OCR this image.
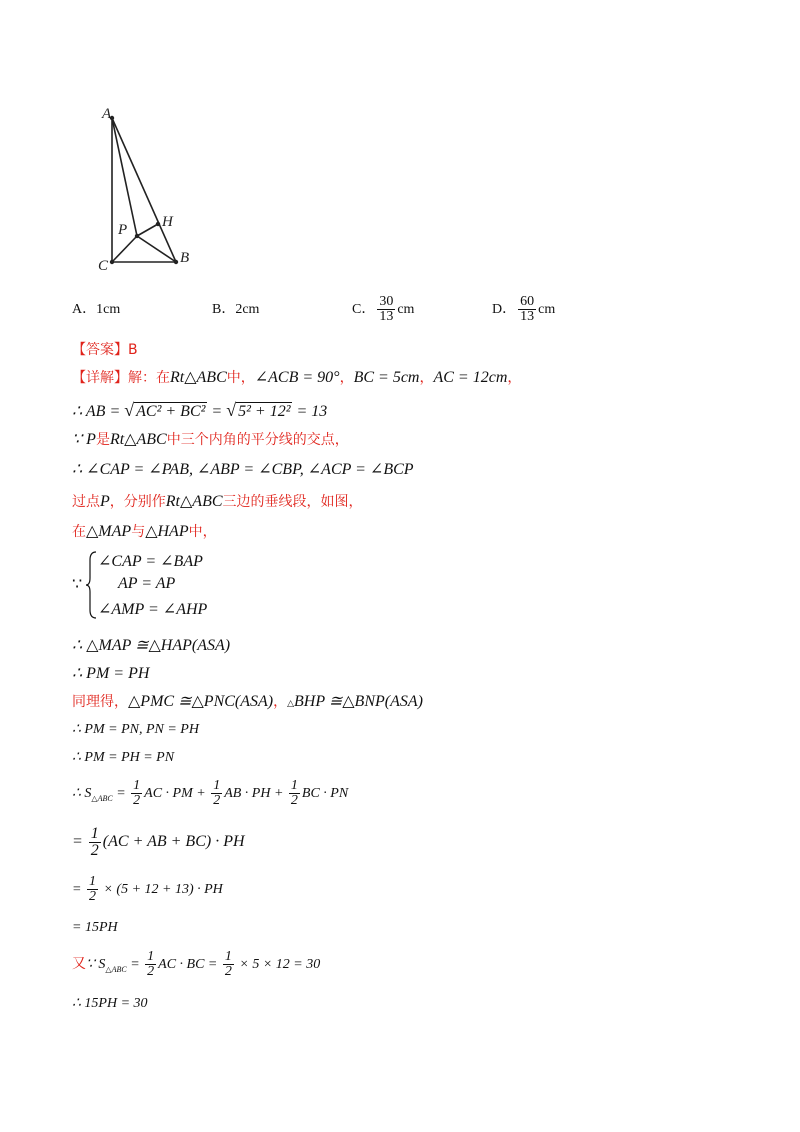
A
C	B
P H
A．1cm	B．2cm	C． $\frac{30}{13}$ cm	D． $\frac{60}{13}$ cm
【答案】B
【详解】解：在Rt△ABC中，∠ACB = 90°，BC = 5cm，AC = 12cm，
∴ AB = √ AC² + BC² = √ 5² + 12² = 13
∵ P是Rt△ABC中三个内角的平分线的交点，
∴ ∠CAP = ∠PAB, ∠ABP = ∠CBP, ∠ACP = ∠BCP
过点P，分别作Rt△ABC三边的垂线段，如图，
在△MAP与△HAP中，
∵
∠CAP = ∠BAP
AP = AP
∠AMP = ∠AHP
∴ △MAP ≅△HAP(ASA)
∴ PM = PH
同理得，△PMC ≅△PNC(ASA)，△BHP ≅△BNP(ASA)
∴ PM = PN, PN = PH
∴ PM = PH = PN
∴ $S_{\triangle ABC} = \frac{1}{2}$ AC · PM + $\frac{1}{2}$ AB · PH + $\frac{1}{2}$ BC · PN
= $\frac{1}{2} (AC$ + AB + BC) · PH
= $\frac{1}{2} \times (5 + 12 + 13)$ · PH
= 15PH
又∵ $S_{\triangle ABC} = \frac{1}{2}$ AC · BC = $\frac{1}{2} \times 5 \times 12 = 30$
∴ 15PH = 30
